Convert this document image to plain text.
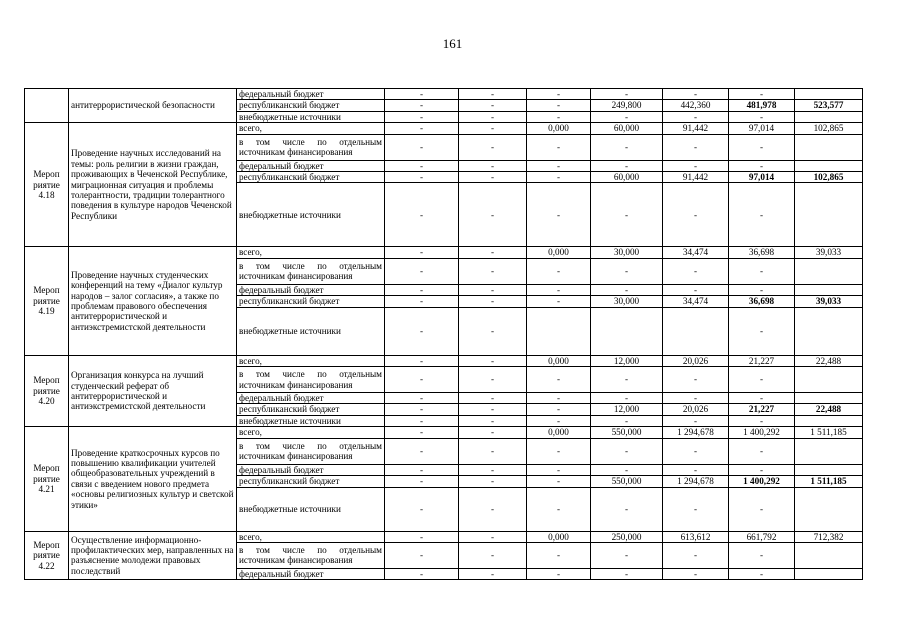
161
	антитеррористической безопасности	федеральный бюджет	-	-	-	-	-	-	
		республиканский бюджет	-	-	-	249,800	442,360	481,978	523,577
		внебюджетные источники	-	-	-	-	-	-	
Мероп риятие 4.18	Проведение научных исследований на темы: роль религии в жизни граждан, проживающих в Чеченской Республике, миграционная ситуация и проблемы толерантности, традиции толерантного поведения в культуре народов Чеченской Республики	всего,	-	-	0,000	60,000	91,442	97,014	102,865
		в том числе по отдельным источникам финансирования	-	-	-	-	-	-	
		федеральный бюджет	-	-	-	-	-	-	
		республиканский бюджет	-	-	-	60,000	91,442	97,014	102,865
		внебюджетные источники	-	-	-	-	-	-	
Мероп риятие 4.19	Проведение научных студенческих конференций на тему «Диалог культур народов – залог согласия», а также по проблемам правового обеспечения антитеррористической и антиэкстремистской деятельности	всего,	-	-	0,000	30,000	34,474	36,698	39,033
		в том числе по отдельным источникам финансирования	-	-	-	-	-	-	
		федеральный бюджет	-	-	-	-	-	-	
		республиканский бюджет	-	-	-	30,000	34,474	36,698	39,033
		внебюджетные источники	-	-				-	
Мероп риятие 4.20	Организация конкурса на лучший студенческий реферат об антитеррористической и антиэкстремистской деятельности	всего,	-	-	0,000	12,000	20,026	21,227	22,488
		в том числе по отдельным источникам финансирования	-	-	-	-	-	-	
		федеральный бюджет	-	-	-	-	-	-	
		республиканский бюджет	-	-	-	12,000	20,026	21,227	22,488
		внебюджетные источники	-	-	-	-	-	-	
Мероп риятие 4.21	Проведение краткосрочных курсов по повышению квалификации учителей общеобразовательных учреждений в связи с введением нового предмета «основы религиозных культур и светской этики»	всего,	-	-	0,000	550,000	1 294,678	1 400,292	1 511,185
		в том числе по отдельным источникам финансирования	-	-	-	-	-	-	
		федеральный бюджет	-	-	-	-	-	-	
		республиканский бюджет	-	-	-	550,000	1 294,678	1 400,292	1 511,185
		внебюджетные источники	-	-	-	-	-	-	
Мероп риятие 4.22	Осуществление информационно-профилактических мер, направленных на разъяснение молодежи правовых последствий	всего,	-	-	0,000	250,000	613,612	661,792	712,382
		в том числе по отдельным источникам финансирования	-	-	-	-	-	-	
		федеральный бюджет	-	-	-	-	-	-	
